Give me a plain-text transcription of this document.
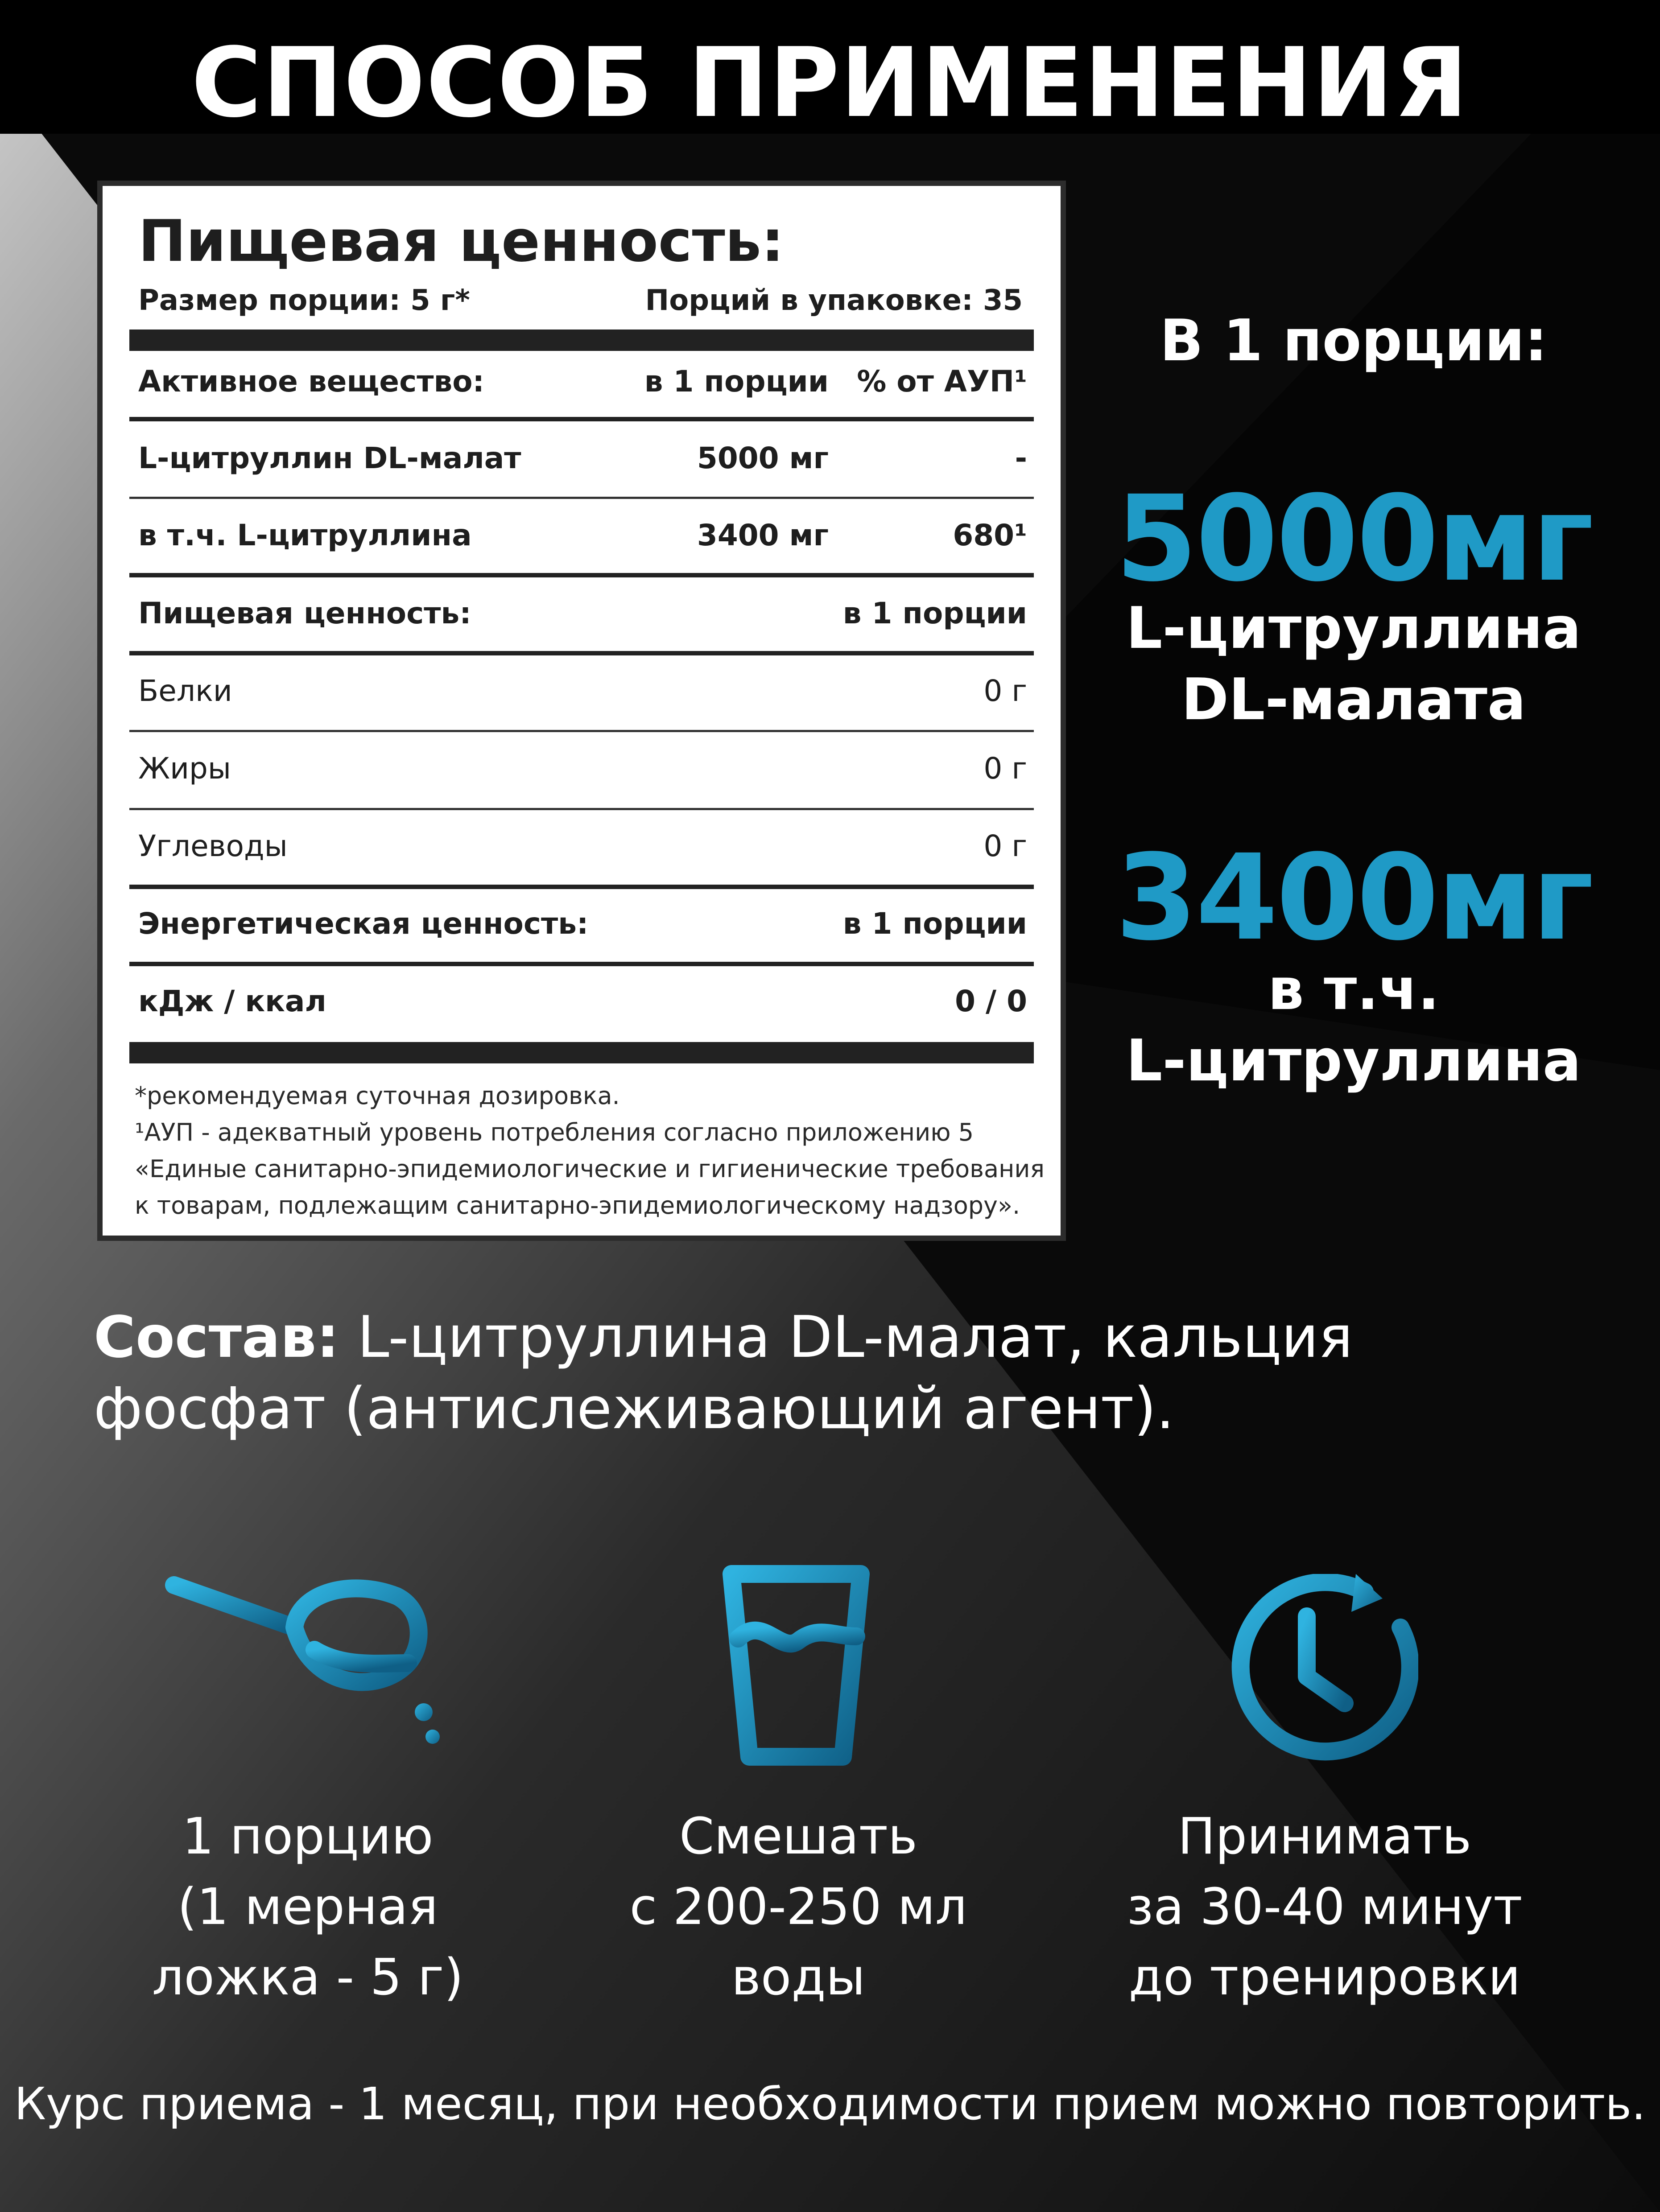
СПОСОБ ПРИМЕНЕНИЯ
Пищевая ценность:
Размер порции: 5 г*	Порций в упаковке: 35
Активное вещество:	в 1 порции % от АУП¹
L-цитруллин DL-малат	5000 мг	-
в т.ч. L-цитруллина	3400 мг	680¹
Пищевая ценность:	в 1 порции
Белки	0 г
Жиры	0 г
Углеводы	0 г
Энергетическая ценность:	в 1 порции
кДж / ккал	0 / 0
*рекомендуемая суточная дозировка.
¹АУП - адекватный уровень потребления согласно приложению 5
«Единые санитарно-эпидемиологические и гигиенические требования
к товарам, подлежащим санитарно-эпидемиологическому надзору».
В 1 порции:
5000мг
L-цитруллина
DL-малата
3400мг
в т.ч.
L-цитруллина
Состав: L-цитруллина DL-малат, кальция фосфат (антислеживающий агент).
1 порцию
(1 мерная
ложка - 5 г)
Смешать
с 200-250 мл
воды
Принимать
за 30-40 минут
до тренировки
Курс приема - 1 месяц, при необходимости прием можно повторить.
